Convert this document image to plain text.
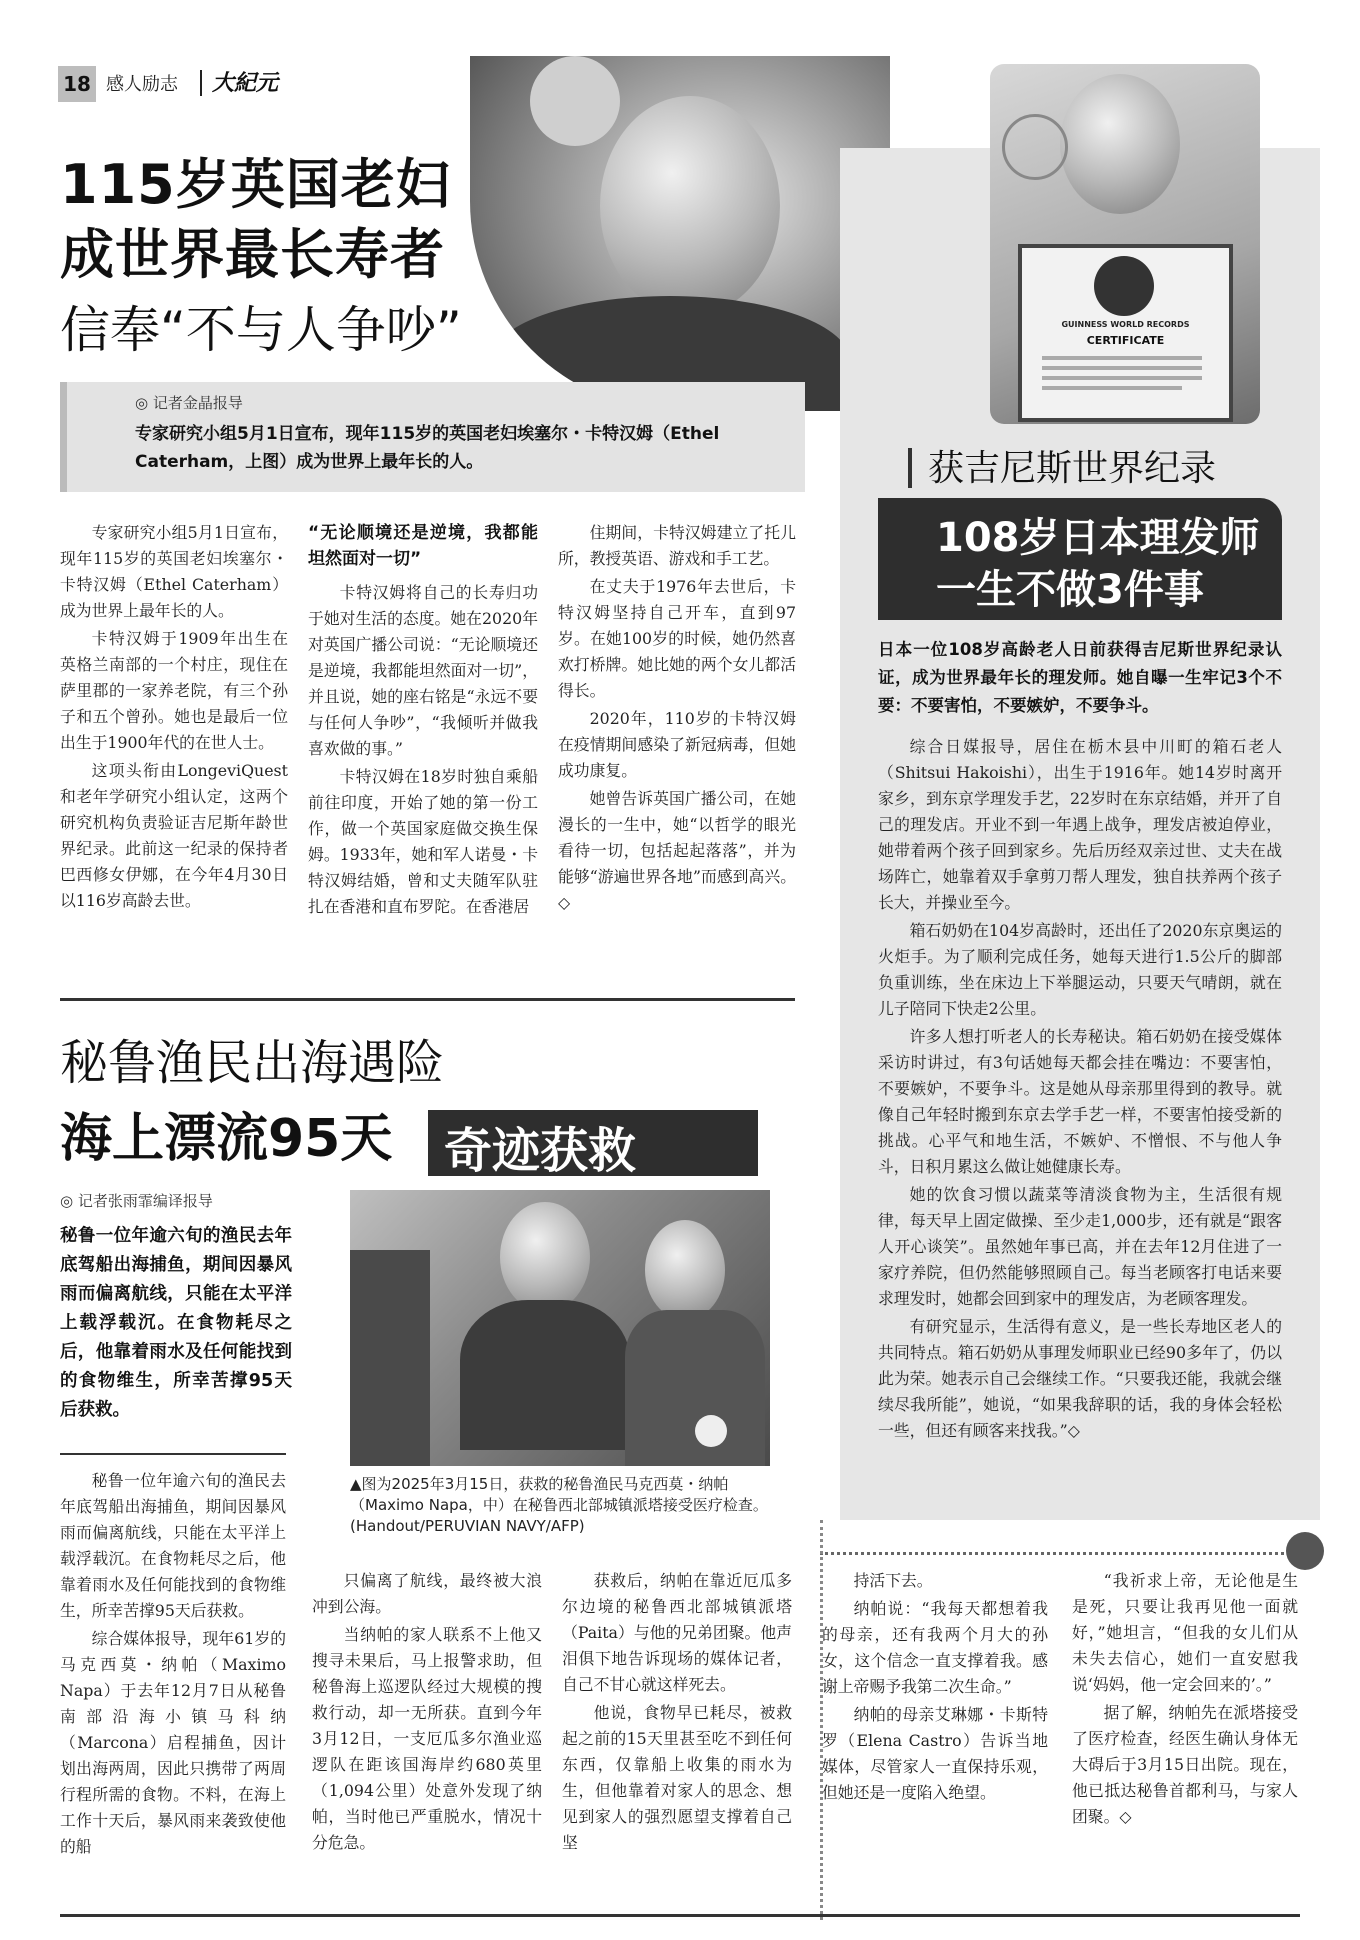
18 感人励志 大紀元
115岁英国老妇
成世界最长寿者
信奉“不与人争吵”
◎ 记者金晶报导
专家研究小组5月1日宣布，现年115岁的英国老妇埃塞尔・卡特汉姆（Ethel Caterham，上图）成为世界上最年长的人。

专家研究小组5月1日宣布，现年115岁的英国老妇埃塞尔・卡特汉姆（Ethel Caterham）成为世界上最年长的人。

卡特汉姆于1909年出生在英格兰南部的一个村庄，现住在萨里郡的一家养老院，有三个孙子和五个曾孙。她也是最后一位出生于1900年代的在世人士。

这项头衔由LongeviQuest和老年学研究小组认定，这两个研究机构负责验证吉尼斯年龄世界纪录。此前这一纪录的保持者巴西修女伊娜，在今年4月30日以116岁高龄去世。

“无论顺境还是逆境，我都能坦然面对一切”

卡特汉姆将自己的长寿归功于她对生活的态度。她在2020年对英国广播公司说：“无论顺境还是逆境，我都能坦然面对一切”，并且说，她的座右铭是“永远不要与任何人争吵”，“我倾听并做我喜欢做的事。”

卡特汉姆在18岁时独自乘船前往印度，开始了她的第一份工作，做一个英国家庭做交换生保姆。1933年，她和军人诺曼・卡特汉姆结婚，曾和丈夫随军队驻扎在香港和直布罗陀。在香港居

住期间，卡特汉姆建立了托儿所，教授英语、游戏和手工艺。

在丈夫于1976年去世后，卡特汉姆坚持自己开车，直到97岁。在她100岁的时候，她仍然喜欢打桥牌。她比她的两个女儿都活得长。

2020年，110岁的卡特汉姆在疫情期间感染了新冠病毒，但她成功康复。

她曾告诉英国广播公司，在她漫长的一生中，她“以哲学的眼光看待一切，包括起起落落”，并为能够“游遍世界各地”而感到高兴。◇

GUINNESS WORLD RECORDS
CERTIFICATE
获吉尼斯世界纪录
108岁日本理发师
一生不做3件事
日本一位108岁高龄老人日前获得吉尼斯世界纪录认证，成为世界最年长的理发师。她自曝一生牢记3个不要：不要害怕，不要嫉妒，不要争斗。

综合日媒报导，居住在栃木县中川町的箱石老人（Shitsui Hakoishi），出生于1916年。她14岁时离开家乡，到东京学理发手艺，22岁时在东京结婚，并开了自己的理发店。开业不到一年遇上战争，理发店被迫停业，她带着两个孩子回到家乡。先后历经双亲过世、丈夫在战场阵亡，她靠着双手拿剪刀帮人理发，独自扶养两个孩子长大，并操业至今。

箱石奶奶在104岁高龄时，还出任了2020东京奥运的火炬手。为了顺利完成任务，她每天进行1.5公斤的脚部负重训练，坐在床边上下举腿运动，只要天气晴朗，就在儿子陪同下快走2公里。

许多人想打听老人的长寿秘诀。箱石奶奶在接受媒体采访时讲过，有3句话她每天都会挂在嘴边：不要害怕，不要嫉妒，不要争斗。这是她从母亲那里得到的教导。就像自己年轻时搬到东京去学手艺一样，不要害怕接受新的挑战。心平气和地生活，不嫉妒、不憎恨、不与他人争斗，日积月累这么做让她健康长寿。

她的饮食习惯以蔬菜等清淡食物为主，生活很有规律，每天早上固定做操、至少走1,000步，还有就是“跟客人开心谈笑”。虽然她年事已高，并在去年12月住进了一家疗养院，但仍然能够照顾自己。每当老顾客打电话来要求理发时，她都会回到家中的理发店，为老顾客理发。

有研究显示，生活得有意义，是一些长寿地区老人的共同特点。箱石奶奶从事理发师职业已经90多年了，仍以此为荣。她表示自己会继续工作。“只要我还能，我就会继续尽我所能”，她说，“如果我辞职的话，我的身体会轻松一些，但还有顾客来找我。”◇

秘鲁渔民出海遇险
海上漂流95天 奇迹获救
◎ 记者张雨霏编译报导
秘鲁一位年逾六旬的渔民去年底驾船出海捕鱼，期间因暴风雨而偏离航线，只能在太平洋上载浮载沉。在食物耗尽之后，他靠着雨水及任何能找到的食物维生，所幸苦撑95天后获救。
▲图为2025年3月15日，获救的秘鲁渔民马克西莫・纳帕（Maximo Napa，中）在秘鲁西北部城镇派塔接受医疗检查。(Handout/PERUVIAN NAVY/AFP)

秘鲁一位年逾六旬的渔民去年底驾船出海捕鱼，期间因暴风雨而偏离航线，只能在太平洋上载浮载沉。在食物耗尽之后，他靠着雨水及任何能找到的食物维生，所幸苦撑95天后获救。

综合媒体报导，现年61岁的马克西莫・纳帕（Maximo Napa）于去年12月7日从秘鲁南部沿海小镇马科纳（Marcona）启程捕鱼，因计划出海两周，因此只携带了两周行程所需的食物。不料，在海上工作十天后，暴风雨来袭致使他的船

只偏离了航线，最终被大浪冲到公海。

当纳帕的家人联系不上他又搜寻未果后，马上报警求助，但秘鲁海上巡逻队经过大规模的搜救行动，却一无所获。直到今年3月12日，一支厄瓜多尔渔业巡逻队在距该国海岸约680英里（1,094公里）处意外发现了纳帕，当时他已严重脱水，情况十分危急。

获救后，纳帕在靠近厄瓜多尔边境的秘鲁西北部城镇派塔（Paita）与他的兄弟团聚。他声泪俱下地告诉现场的媒体记者，自己不甘心就这样死去。

他说，食物早已耗尽，被救起之前的15天里甚至吃不到任何东西，仅靠船上收集的雨水为生，但他靠着对家人的思念、想见到家人的强烈愿望支撑着自己坚

持活下去。

纳帕说：“我每天都想着我的母亲，还有我两个月大的孙女，这个信念一直支撑着我。感谢上帝赐予我第二次生命。”

纳帕的母亲艾琳娜・卡斯特罗（Elena Castro）告诉当地媒体，尽管家人一直保持乐观，但她还是一度陷入绝望。

“我祈求上帝，无论他是生是死，只要让我再见他一面就好，”她坦言，“但我的女儿们从未失去信心，她们一直安慰我说‘妈妈，他一定会回来的’。”

据了解，纳帕先在派塔接受了医疗检查，经医生确认身体无大碍后于3月15日出院。现在，他已抵达秘鲁首都利马，与家人团聚。◇
